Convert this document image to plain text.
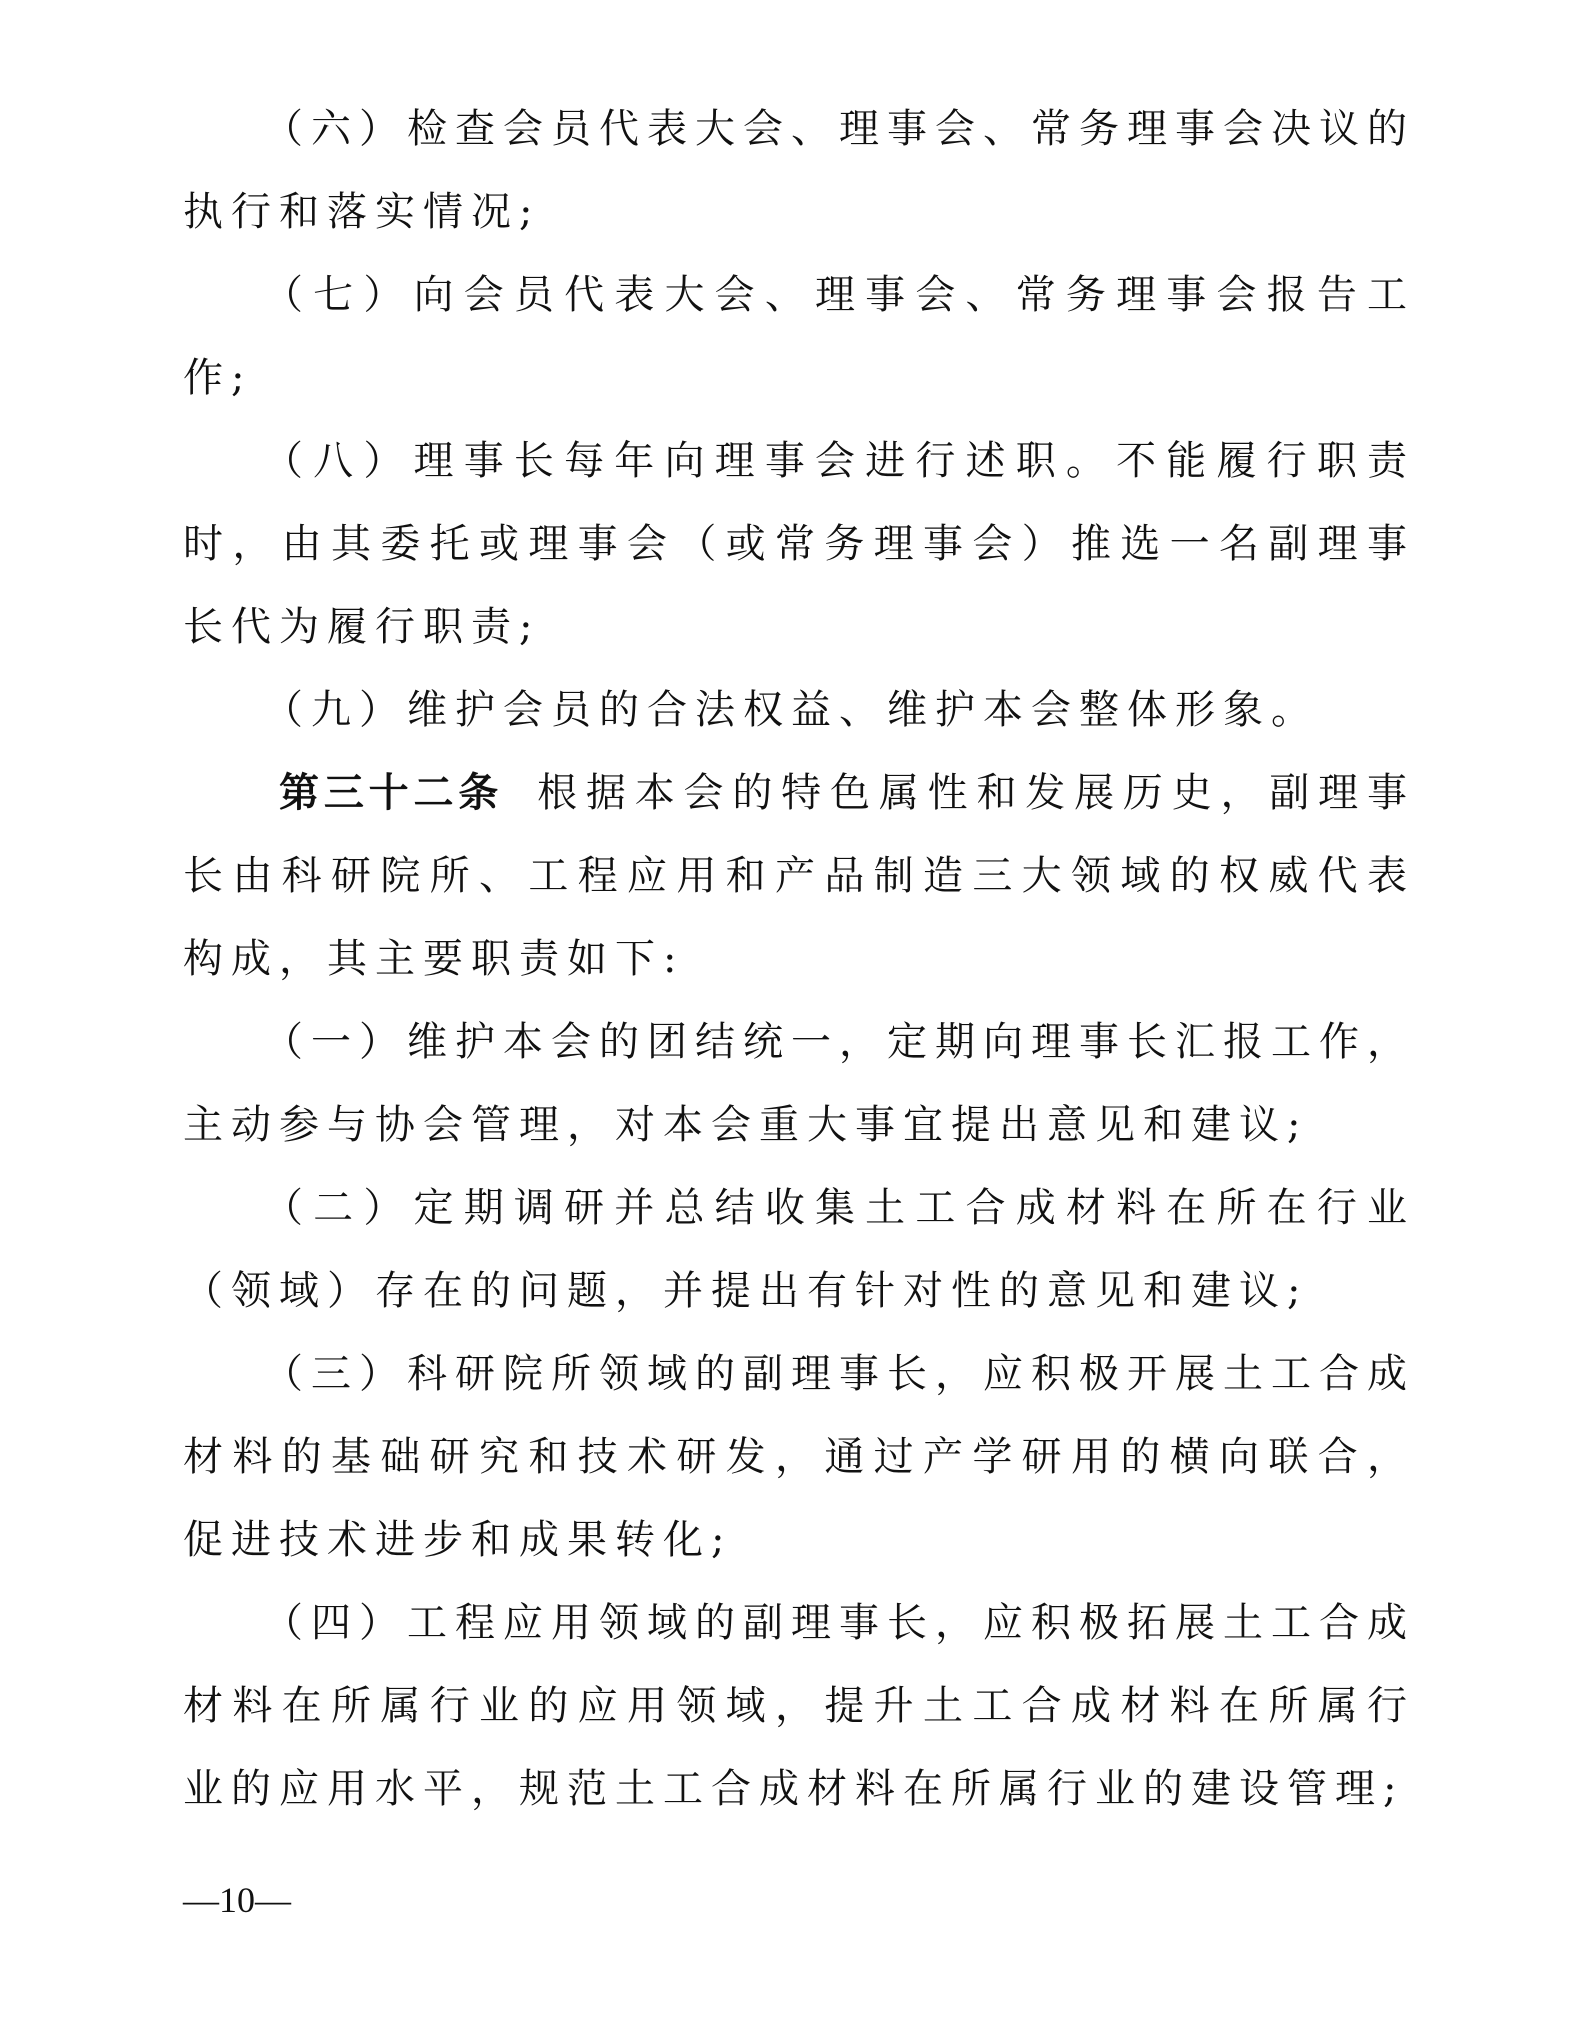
（六）检查会员代表大会、理事会、常务理事会决议的执行和落实情况;

（七）向会员代表大会、理事会、常务理事会报告工作;

（八）理事长每年向理事会进行述职。不能履行职责时，由其委托或理事会（或常务理事会）推选一名副理事长代为履行职责;

（九）维护会员的合法权益、维护本会整体形象。

第三十二条 根据本会的特色属性和发展历史，副理事长由科研院所、工程应用和产品制造三大领域的权威代表构成，其主要职责如下:

（一）维护本会的团结统一，定期向理事长汇报工作，主动参与协会管理，对本会重大事宜提出意见和建议;

（二）定期调研并总结收集土工合成材料在所在行业（领域）存在的问题，并提出有针对性的意见和建议;

（三）科研院所领域的副理事长，应积极开展土工合成材料的基础研究和技术研发，通过产学研用的横向联合，促进技术进步和成果转化;

（四）工程应用领域的副理事长，应积极拓展土工合成材料在所属行业的应用领域，提升土工合成材料在所属行业的应用水平，规范土工合成材料在所属行业的建设管理;

—10—
